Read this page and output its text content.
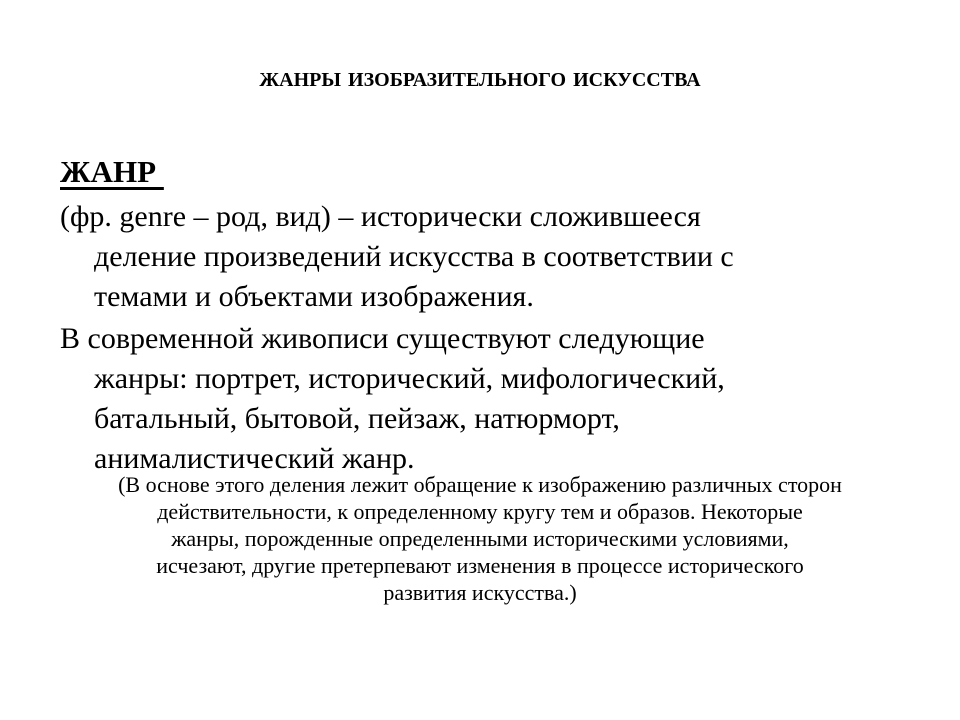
ЖАНРЫ ИЗОБРАЗИТЕЛЬНОГО ИСКУССТВА
ЖАНР

(фр. genre – род, вид) – исторически сложившееся
деление произведений искусства в соответствии с
темами и объектами изображения.

В современной живописи существуют следующие
жанры: портрет, исторический, мифологический,
батальный, бытовой, пейзаж, натюрморт,
анималистический жанр.

(В основе этого деления лежит обращение к изображению различных сторон
действительности, к определенному кругу тем и образов. Некоторые
жанры, порожденные определенными историческими условиями,
исчезают, другие претерпевают изменения в процессе исторического
развития искусства.)
